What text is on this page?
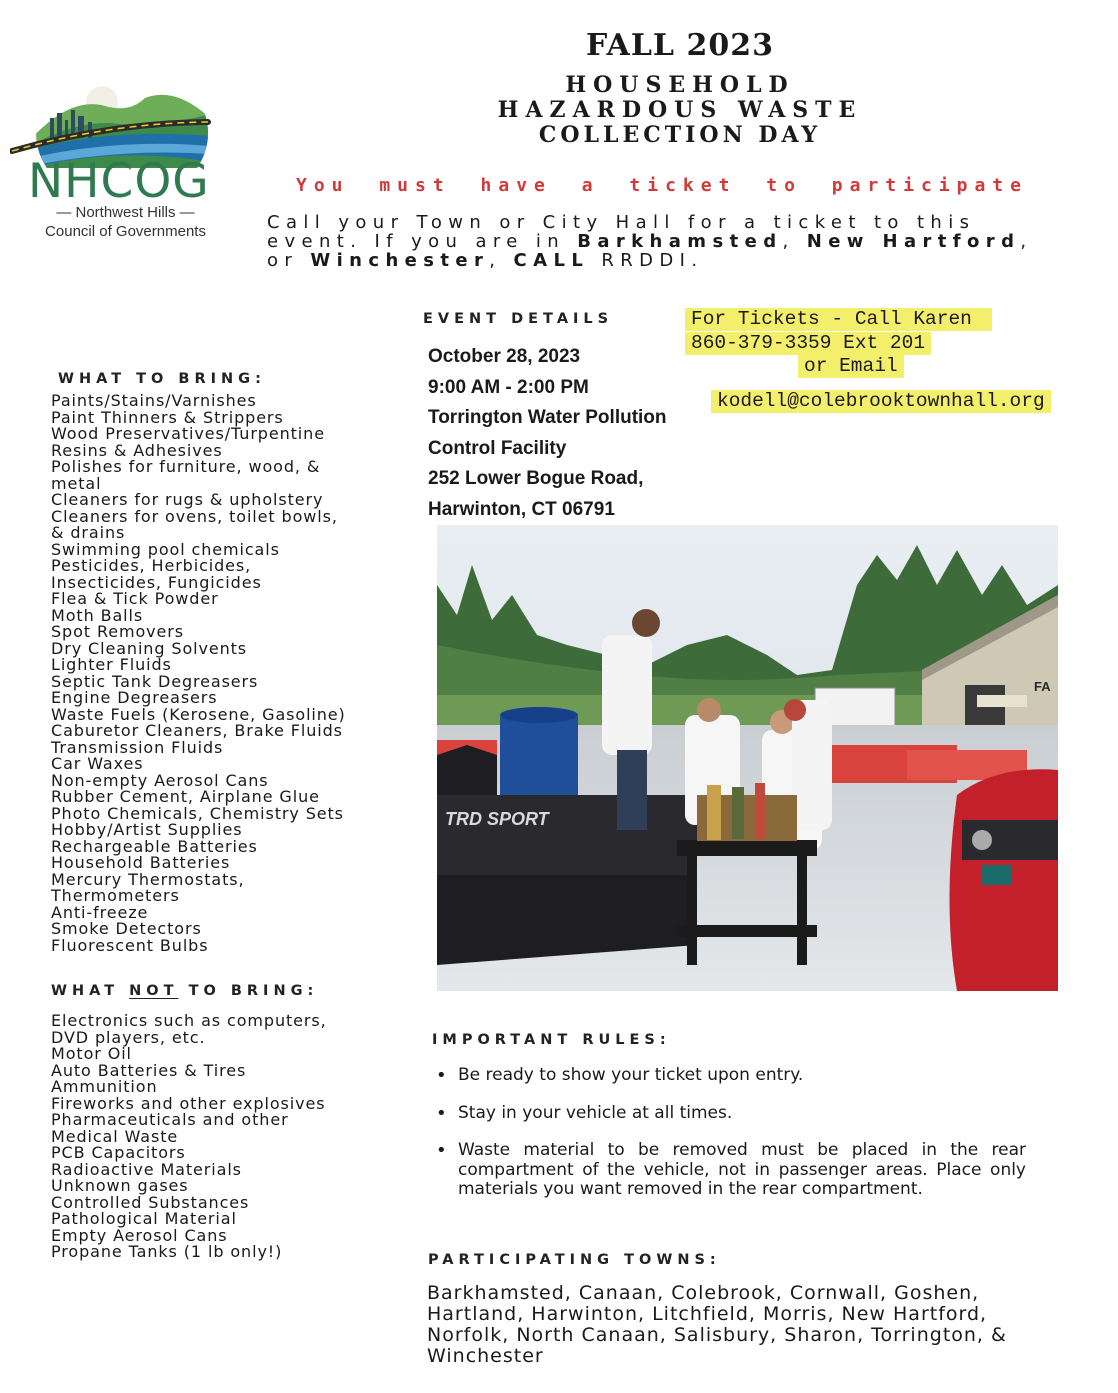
NHCOG
— Northwest Hills —
Council of Governments
FALL 2023
HOUSEHOLD
HAZARDOUS WASTE
COLLECTION DAY
You must have a ticket to participate
Call your Town or City Hall for a ticket to this event. If you are in Barkhamsted, New Hartford, or Winchester, CALL RRDDI.
EVENT DETAILS
October 28, 2023
9:00 AM - 2:00 PM
Torrington Water Pollution
Control Facility
252 Lower Bogue Road,
Harwinton, CT 06791
For Tickets - Call Karen
860-379-3359 Ext 201
or Email
kodell@colebrooktownhall.org
WHAT TO BRING:
Paints/Stains/Varnishes
Paint Thinners & Strippers
Wood Preservatives/Turpentine
Resins & Adhesives
Polishes for furniture, wood, &
metal
Cleaners for rugs & upholstery
Cleaners for ovens, toilet bowls,
& drains
Swimming pool chemicals
Pesticides, Herbicides,
Insecticides, Fungicides
Flea & Tick Powder
Moth Balls
Spot Removers
Dry Cleaning Solvents
Lighter Fluids
Septic Tank Degreasers
Engine Degreasers
Waste Fuels (Kerosene, Gasoline)
Caburetor Cleaners, Brake Fluids
Transmission Fluids
Car Waxes
Non-empty Aerosol Cans
Rubber Cement, Airplane Glue
Photo Chemicals, Chemistry Sets
Hobby/Artist Supplies
Rechargeable Batteries
Household Batteries
Mercury Thermostats,
Thermometers
Anti-freeze
Smoke Detectors
Fluorescent Bulbs
WHAT NOT TO BRING:
Electronics such as computers,
DVD players, etc.
Motor Oil
Auto Batteries & Tires
Ammunition
Fireworks and other explosives
Pharmaceuticals and other
Medical Waste
PCB Capacitors
Radioactive Materials
Unknown gases
Controlled Substances
Pathological Material
Empty Aerosol Cans
Propane Tanks (1 lb only!)
FA
TRD SPORT
IMPORTANT RULES:
• Be ready to show your ticket upon entry.
• Stay in your vehicle at all times.
• Waste material to be removed must be placed in the rear compartment of the vehicle, not in passenger areas. Place only materials you want removed in the rear compartment.
PARTICIPATING TOWNS:
Barkhamsted, Canaan, Colebrook, Cornwall, Goshen, Hartland, Harwinton, Litchfield, Morris, New Hartford, Norfolk, North Canaan, Salisbury, Sharon, Torrington, & Winchester
